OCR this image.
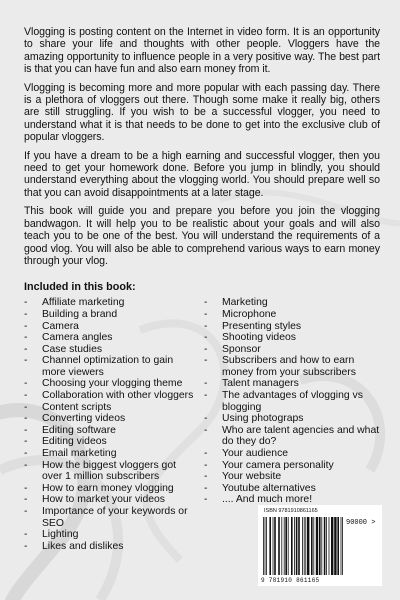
Vlogging is posting content on the Internet in video form. It is an opportunity to share your life and thoughts with other people. Vloggers have the amazing opportunity to influence people in a very positive way. The best part is that you can have fun and also earn money from it.

Vlogging is becoming more and more popular with each passing day. There is a plethora of vloggers out there. Though some make it really big, others are still struggling. If you wish to be a successful vlogger, you need to understand what it is that needs to be done to get into the exclusive club of popular vloggers.

If you have a dream to be a high earning and successful vlogger, then you need to get your homework done. Before you jump in blindly, you should understand everything about the vlogging world. You should prepare well so that you can avoid disappointments at a later stage.

This book will guide you and prepare you before you join the vlogging bandwagon. It will help you to be realistic about your goals and will also teach you to be one of the best. You will understand the requirements of a good vlog. You will also be able to comprehend various ways to earn money through your vlog.

Included in this book:
- Affiliate marketing
- Building a brand
- Camera
- Camera angles
- Case studies
- Channel optimization to gain more viewers
- Choosing your vlogging theme
- Collaboration with other vloggers
- Content scripts
- Converting videos
- Editing software
- Editing videos
- Email marketing
- How the biggest vloggers got over 1 million subscribers
- How to earn money vlogging
- How to market your videos
- Importance of your keywords or SEO
- Lighting
- Likes and dislikes
- Marketing
- Microphone
- Presenting styles
- Shooting videos
- Sponsor
- Subscribers and how to earn money from your subscribers
- Talent managers
- The advantages of vlogging vs blogging
- Using photograps
- Who are talent agencies and what do they do?
- Your audience
- Your camera personality
- Your website
- Youtube alternatives
- .... And much more!
ISBN 9781910861165
90000 >
9 781910 861165
